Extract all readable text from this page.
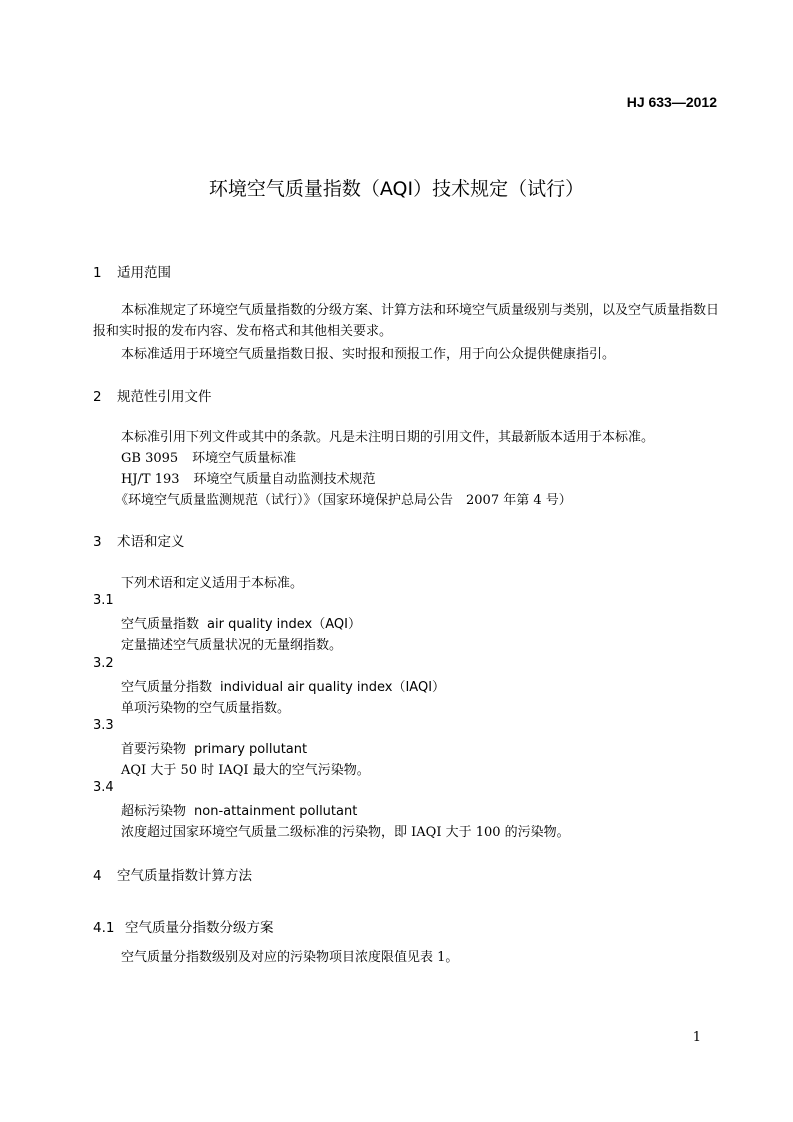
HJ 633—2012
环境空气质量指数（AQI）技术规定（试行）
1 适用范围
本标准规定了环境空气质量指数的分级方案、计算方法和环境空气质量级别与类别，以及空气质量指数日报和实时报的发布内容、发布格式和其他相关要求。
本标准适用于环境空气质量指数日报、实时报和预报工作，用于向公众提供健康指引。
2 规范性引用文件
本标准引用下列文件或其中的条款。凡是未注明日期的引用文件，其最新版本适用于本标准。
GB 3095 环境空气质量标准
HJ/T 193 环境空气质量自动监测技术规范
《环境空气质量监测规范（试行）》（国家环境保护总局公告　2007 年第 4 号）
3 术语和定义
下列术语和定义适用于本标准。
3.1
空气质量指数 air quality index（AQI）
定量描述空气质量状况的无量纲指数。
3.2
空气质量分指数 individual air quality index（IAQI）
单项污染物的空气质量指数。
3.3
首要污染物 primary pollutant
AQI 大于 50 时 IAQI 最大的空气污染物。
3.4
超标污染物 non-attainment pollutant
浓度超过国家环境空气质量二级标准的污染物，即 IAQI 大于 100 的污染物。
4 空气质量指数计算方法
4.1 空气质量分指数分级方案
空气质量分指数级别及对应的污染物项目浓度限值见表 1。
1
